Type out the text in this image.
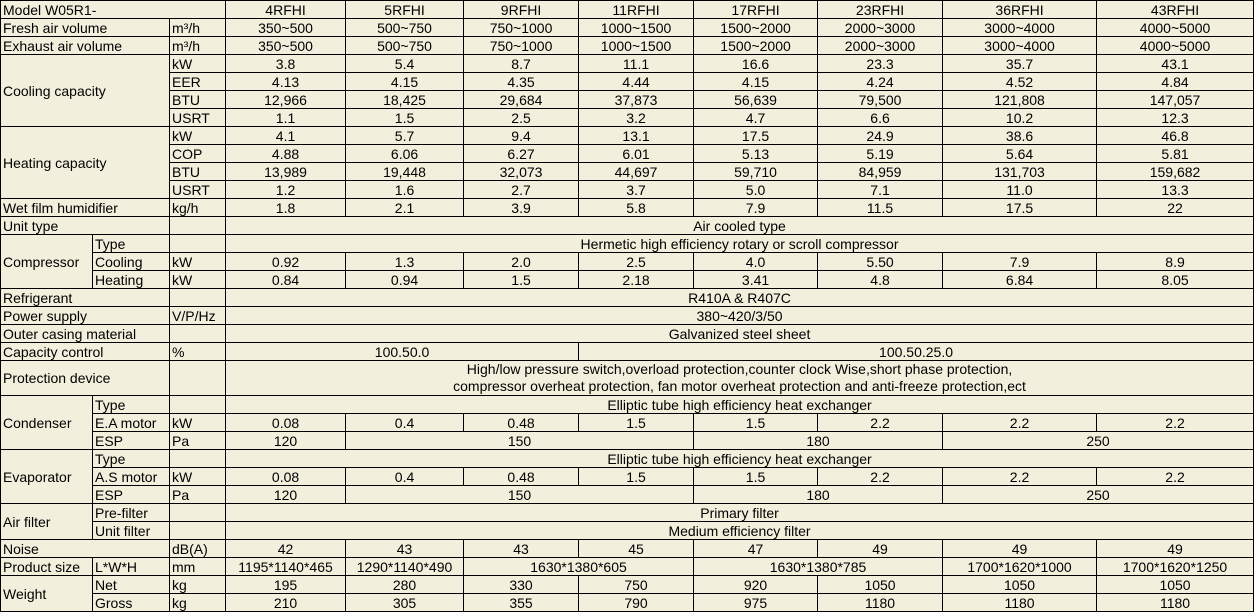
Model W05R1-			4RFHI	5RFHI	9RFHI	11RFHI	17RFHI	23RFHI	36RFHI	43RFHI
Fresh air volume		m³/h	350~500	500~750	750~1000	1000~1500	1500~2000	2000~3000	3000~4000	4000~5000
Exhaust air volume		m³/h	350~500	500~750	750~1000	1000~1500	1500~2000	2000~3000	3000~4000	4000~5000
Cooling capacity		kW	3.8	5.4	8.7	11.1	16.6	23.3	35.7	43.1
		EER	4.13	4.15	4.35	4.44	4.15	4.24	4.52	4.84
		BTU	12,966	18,425	29,684	37,873	56,639	79,500	121,808	147,057
		USRT	1.1	1.5	2.5	3.2	4.7	6.6	10.2	12.3
Heating capacity		kW	4.1	5.7	9.4	13.1	17.5	24.9	38.6	46.8
		COP	4.88	6.06	6.27	6.01	5.13	5.19	5.64	5.81
		BTU	13,989	19,448	32,073	44,697	59,710	84,959	131,703	159,682
		USRT	1.2	1.6	2.7	3.7	5.0	7.1	11.0	13.3
Wet film humidifier		kg/h	1.8	2.1	3.9	5.8	7.9	11.5	17.5	22
Unit type			Air cooled type							
Compressor	Type		Hermetic high efficiency rotary or scroll compressor							
	Cooling	kW	0.92	1.3	2.0	2.5	4.0	5.50	7.9	8.9
	Heating	kW	0.84	0.94	1.5	2.18	3.41	4.8	6.84	8.05
Refrigerant			R410A & R407C							
Power supply		V/P/Hz	380~420/3/50							
Outer casing material			Galvanized steel sheet							
Capacity control		%	100.50.0			100.50.25.0				
Protection device			High/low pressure switch,overload protection,counter clock Wise,short phase protection,
compressor overheat protection, fan motor overheat protection and anti-freeze protection,ect							

Condenser	Type		Elliptic tube high efficiency heat exchanger							
	E.A motor	kW	0.08	0.4	0.48	1.5	1.5	2.2	2.2	2.2
	ESP	Pa	120	150			180		250	
Evaporator	Type		Elliptic tube high efficiency heat exchanger							
	A.S motor	kW	0.08	0.4	0.48	1.5	1.5	2.2	2.2	2.2
	ESP	Pa	120	150			180		250	
Air filter	Pre-filter		Primary filter							
	Unit filter		Medium efficiency filter							
Noise		dB(A)	42	43	43	45	47	49	49	49
Product size	L*W*H	mm	1195*1140*465	1290*1140*490	1630*1380*605		1630*1380*785		1700*1620*1000	1700*1620*1250
Weight	Net	kg	195	280	330	750	920	1050	1050	1050
	Gross	kg	210	305	355	790	975	1180	1180	1180
